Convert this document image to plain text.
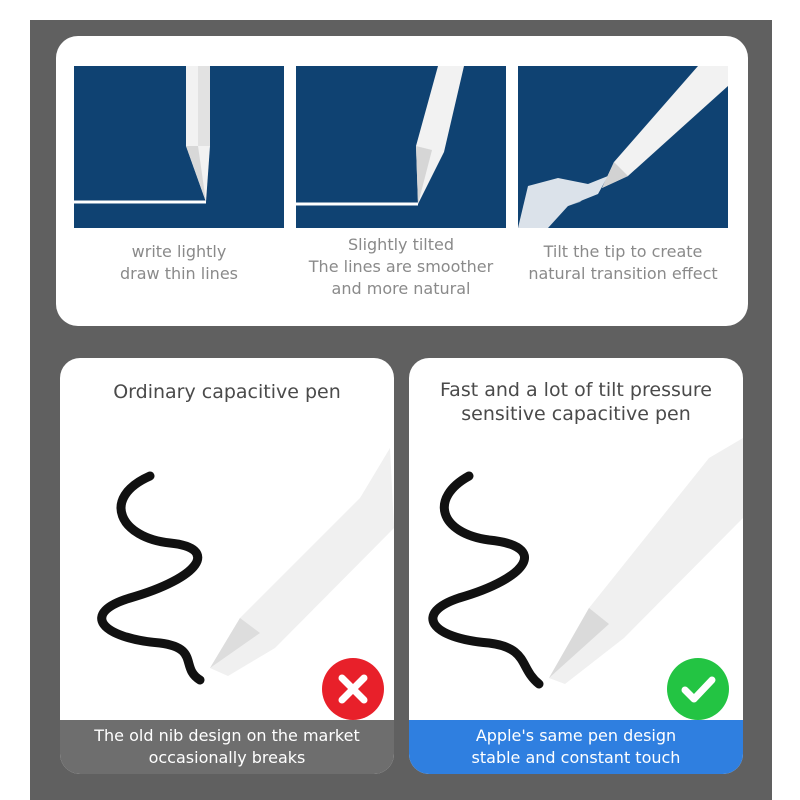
write lightly
draw thin lines
Slightly tilted
The lines are smoother
and more natural
Tilt the tip to create
natural transition effect
Ordinary capacitive pen
The old nib design on the market
occasionally breaks
Fast and a lot of tilt pressure
sensitive capacitive pen
Apple's same pen design
stable and constant touch
